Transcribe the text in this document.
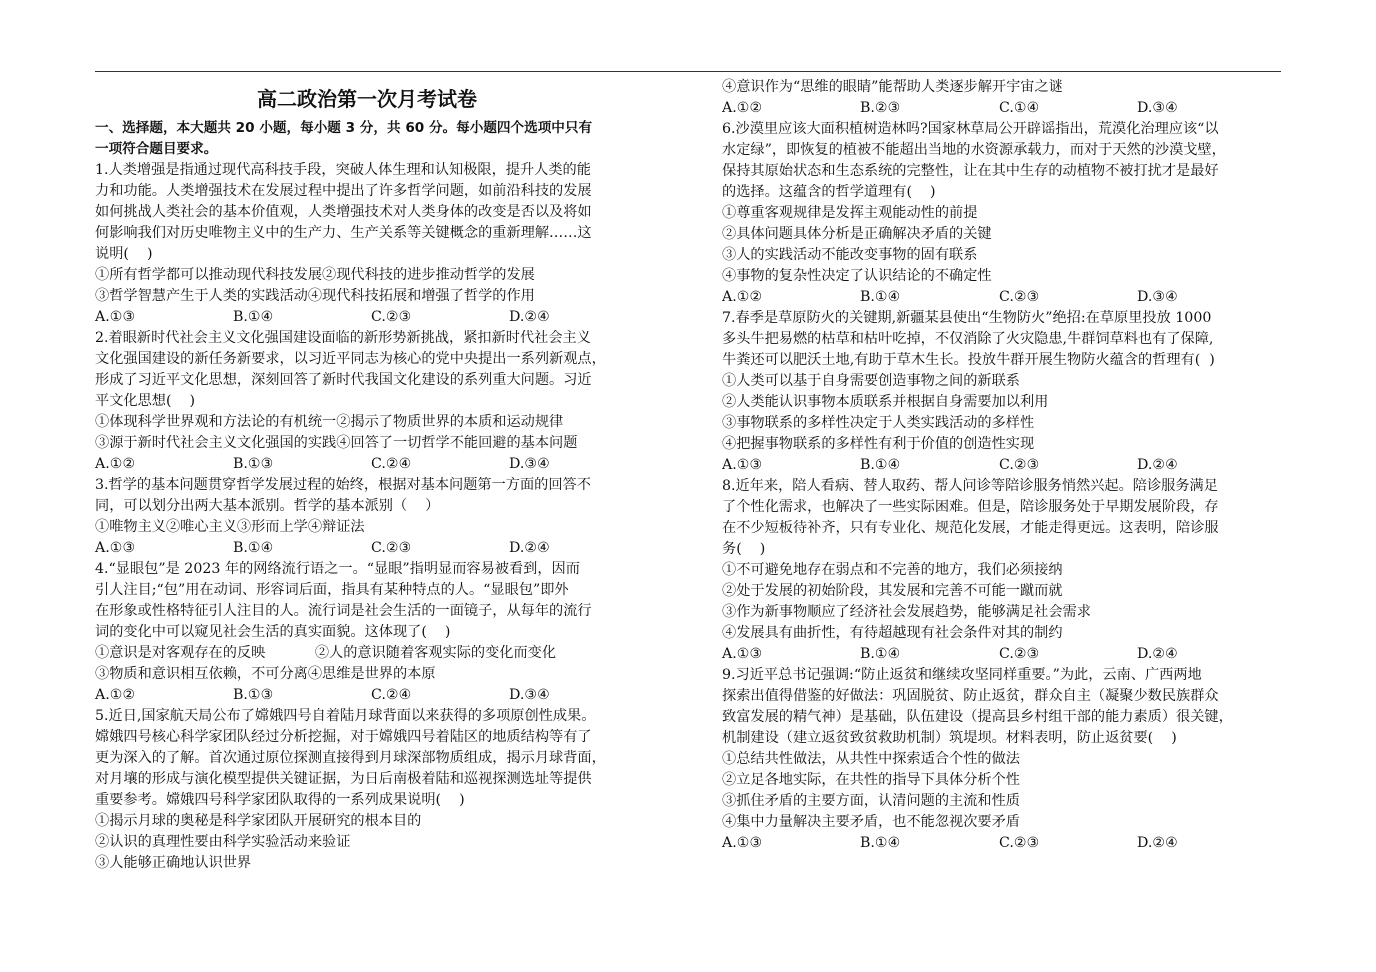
高二政治第一次月考试卷
一、选择题，本大题共 20 小题，每小题 3 分，共 60 分。每小题四个选项中只有
一项符合题目要求。
1.人类增强是指通过现代高科技手段，突破人体生理和认知极限，提升人类的能
力和功能。人类增强技术在发展过程中提出了许多哲学问题，如前沿科技的发展
如何挑战人类社会的基本价值观，人类增强技术对人类身体的改变是否以及将如
何影响我们对历史唯物主义中的生产力、生产关系等关键概念的重新理解……这
说明(    )
①所有哲学都可以推动现代科技发展②现代科技的进步推动哲学的发展
③哲学智慧产生于人类的实践活动④现代科技拓展和增强了哲学的作用
A.①③	B.①④	C.②③	D.②④
2.着眼新时代社会主义文化强国建设面临的新形势新挑战，紧扣新时代社会主义
文化强国建设的新任务新要求，以习近平同志为核心的党中央提出一系列新观点，
形成了习近平文化思想，深刻回答了新时代我国文化建设的系列重大问题。习近
平文化思想(    )
①体现科学世界观和方法论的有机统一②揭示了物质世界的本质和运动规律
③源于新时代社会主义文化强国的实践④回答了一切哲学不能回避的基本问题
A.①②	B.①③	C.②④	D.③④
3.哲学的基本问题贯穿哲学发展过程的始终，根据对基本问题第一方面的回答不
同，可以划分出两大基本派别。哲学的基本派别（    ）
①唯物主义②唯心主义③形而上学④辩证法
A.①③	B.①④	C.②③	D.②④
4.“显眼包”是 2023 年的网络流行语之一。“显眼”指明显而容易被看到，因而
引人注目;“包”用在动词、形容词后面，指具有某种特点的人。“显眼包”即外
在形象或性格特征引人注目的人。流行词是社会生活的一面镜子，从每年的流行
词的变化中可以窥见社会生活的真实面貌。这体现了(    )
①意识是对客观存在的反映           ②人的意识随着客观实际的变化而变化
③物质和意识相互依赖，不可分离④思维是世界的本原
A.①②	B.①③	C.②④	D.③④
5.近日,国家航天局公布了嫦娥四号自着陆月球背面以来获得的多项原创性成果。
嫦娥四号核心科学家团队经过分析挖掘，对于嫦娥四号着陆区的地质结构等有了
更为深入的了解。首次通过原位探测直接得到月球深部物质组成，揭示月球背面，
对月壤的形成与演化模型提供关键证据，为日后南极着陆和巡视探测选址等提供
重要参考。嫦娥四号科学家团队取得的一系列成果说明(    )
①揭示月球的奥秘是科学家团队开展研究的根本目的
②认识的真理性要由科学实验活动来验证
③人能够正确地认识世界
④意识作为“思维的眼睛”能帮助人类逐步解开宇宙之谜
A.①②	B.②③	C.①④	D.③④
6.沙漠里应该大面积植树造林吗?国家林草局公开辟谣指出，荒漠化治理应该“以
水定绿”，即恢复的植被不能超出当地的水资源承载力，而对于天然的沙漠戈壁，
保持其原始状态和生态系统的完整性，让在其中生存的动植物不被打扰才是最好
的选择。这蕴含的哲学道理有(    )
①尊重客观规律是发挥主观能动性的前提
②具体问题具体分析是正确解决矛盾的关键
③人的实践活动不能改变事物的固有联系
④事物的复杂性决定了认识结论的不确定性
A.①②	B.①④	C.②③	D.③④
7.春季是草原防火的关键期,新疆某县使出“生物防火”绝招:在草原里投放 1000
多头牛把易燃的枯草和枯叶吃掉，不仅消除了火灾隐患,牛群饲草料也有了保障,
牛粪还可以肥沃土地,有助于草木生长。投放牛群开展生物防火蕴含的哲理有(  )
①人类可以基于自身需要创造事物之间的新联系
②人类能认识事物本质联系并根据自身需要加以利用
③事物联系的多样性决定于人类实践活动的多样性
④把握事物联系的多样性有利于价值的创造性实现
A.①③	B.①④	C.②③	D.②④
8.近年来，陪人看病、替人取药、帮人问诊等陪诊服务悄然兴起。陪诊服务满足
了个性化需求，也解决了一些实际困难。但是，陪诊服务处于早期发展阶段，存
在不少短板待补齐，只有专业化、规范化发展，才能走得更远。这表明，陪诊服
务(    )
①不可避免地存在弱点和不完善的地方，我们必须接纳
②处于发展的初始阶段，其发展和完善不可能一蹴而就
③作为新事物顺应了经济社会发展趋势，能够满足社会需求
④发展具有曲折性，有待超越现有社会条件对其的制约
A.①③	B.①④	C.②③	D.②④
9.习近平总书记强调:“防止返贫和继续攻坚同样重要。”为此，云南、广西两地
探索出值得借鉴的好做法：巩固脱贫、防止返贫，群众自主（凝聚少数民族群众
致富发展的精气神）是基础，队伍建设（提高县乡村组干部的能力素质）很关键，
机制建设（建立返贫致贫救助机制）筑堤坝。材料表明，防止返贫要(    )
①总结共性做法，从共性中探索适合个性的做法
②立足各地实际，在共性的指导下具体分析个性
③抓住矛盾的主要方面，认清问题的主流和性质
④集中力量解决主要矛盾，也不能忽视次要矛盾
A.①③	B.①④	C.②③	D.②④
